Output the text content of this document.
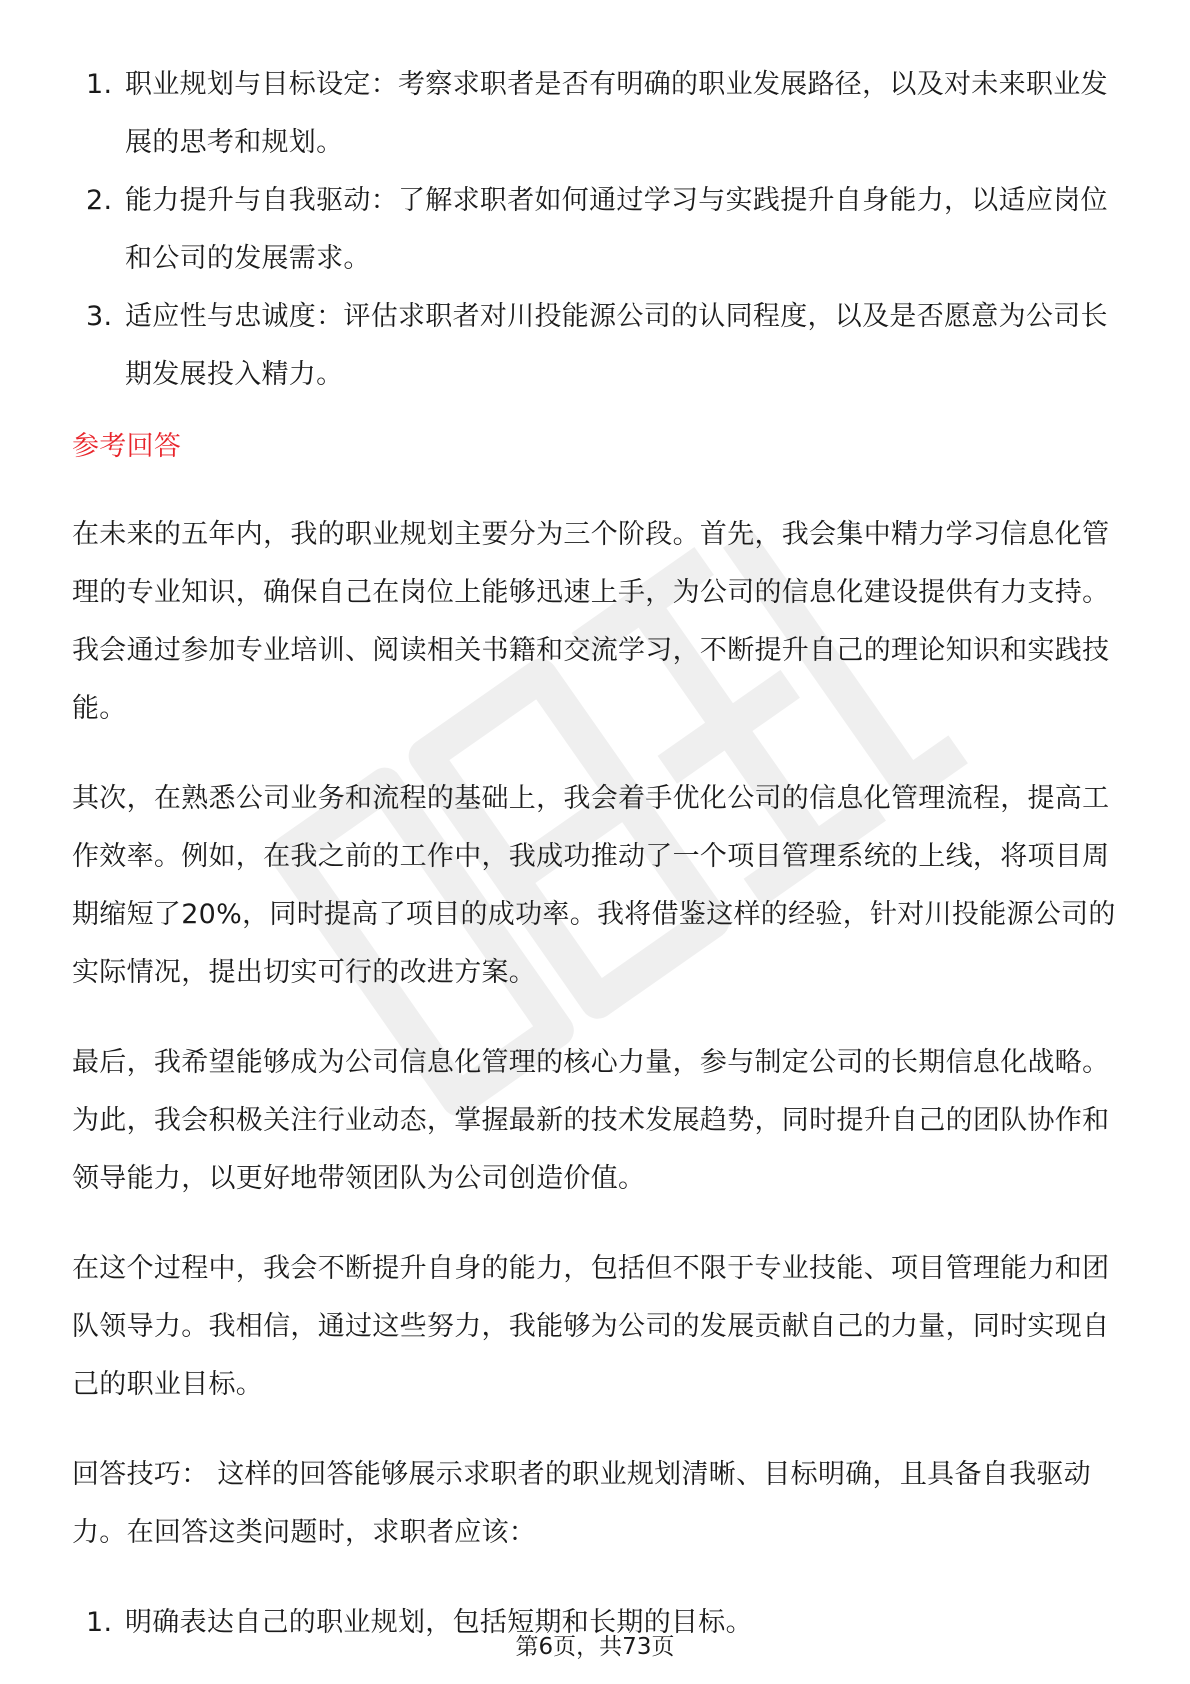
1. 职业规划与目标设定：考察求职者是否有明确的职业发展路径，以及对未来职业发展的思考和规划。
2. 能力提升与自我驱动：了解求职者如何通过学习与实践提升自身能力，以适应岗位和公司的发展需求。
3. 适应性与忠诚度：评估求职者对川投能源公司的认同程度，以及是否愿意为公司长期发展投入精力。
参考回答

在未来的五年内，我的职业规划主要分为三个阶段。首先，我会集中精力学习信息化管理的专业知识，确保自己在岗位上能够迅速上手，为公司的信息化建设提供有力支持。我会通过参加专业培训、阅读相关书籍和交流学习，不断提升自己的理论知识和实践技能。

其次，在熟悉公司业务和流程的基础上，我会着手优化公司的信息化管理流程，提高工作效率。例如，在我之前的工作中，我成功推动了一个项目管理系统的上线，将项目周期缩短了20%，同时提高了项目的成功率。我将借鉴这样的经验，针对川投能源公司的实际情况，提出切实可行的改进方案。

最后，我希望能够成为公司信息化管理的核心力量，参与制定公司的长期信息化战略。为此，我会积极关注行业动态，掌握最新的技术发展趋势，同时提升自己的团队协作和领导能力，以更好地带领团队为公司创造价值。

在这个过程中，我会不断提升自身的能力，包括但不限于专业技能、项目管理能力和团队领导力。我相信，通过这些努力，我能够为公司的发展贡献自己的力量，同时实现自己的职业目标。

回答技巧： 这样的回答能够展示求职者的职业规划清晰、目标明确，且具备自我驱动力。在回答这类问题时，求职者应该：

1. 明确表达自己的职业规划，包括短期和长期的目标。
第6页，共73页
